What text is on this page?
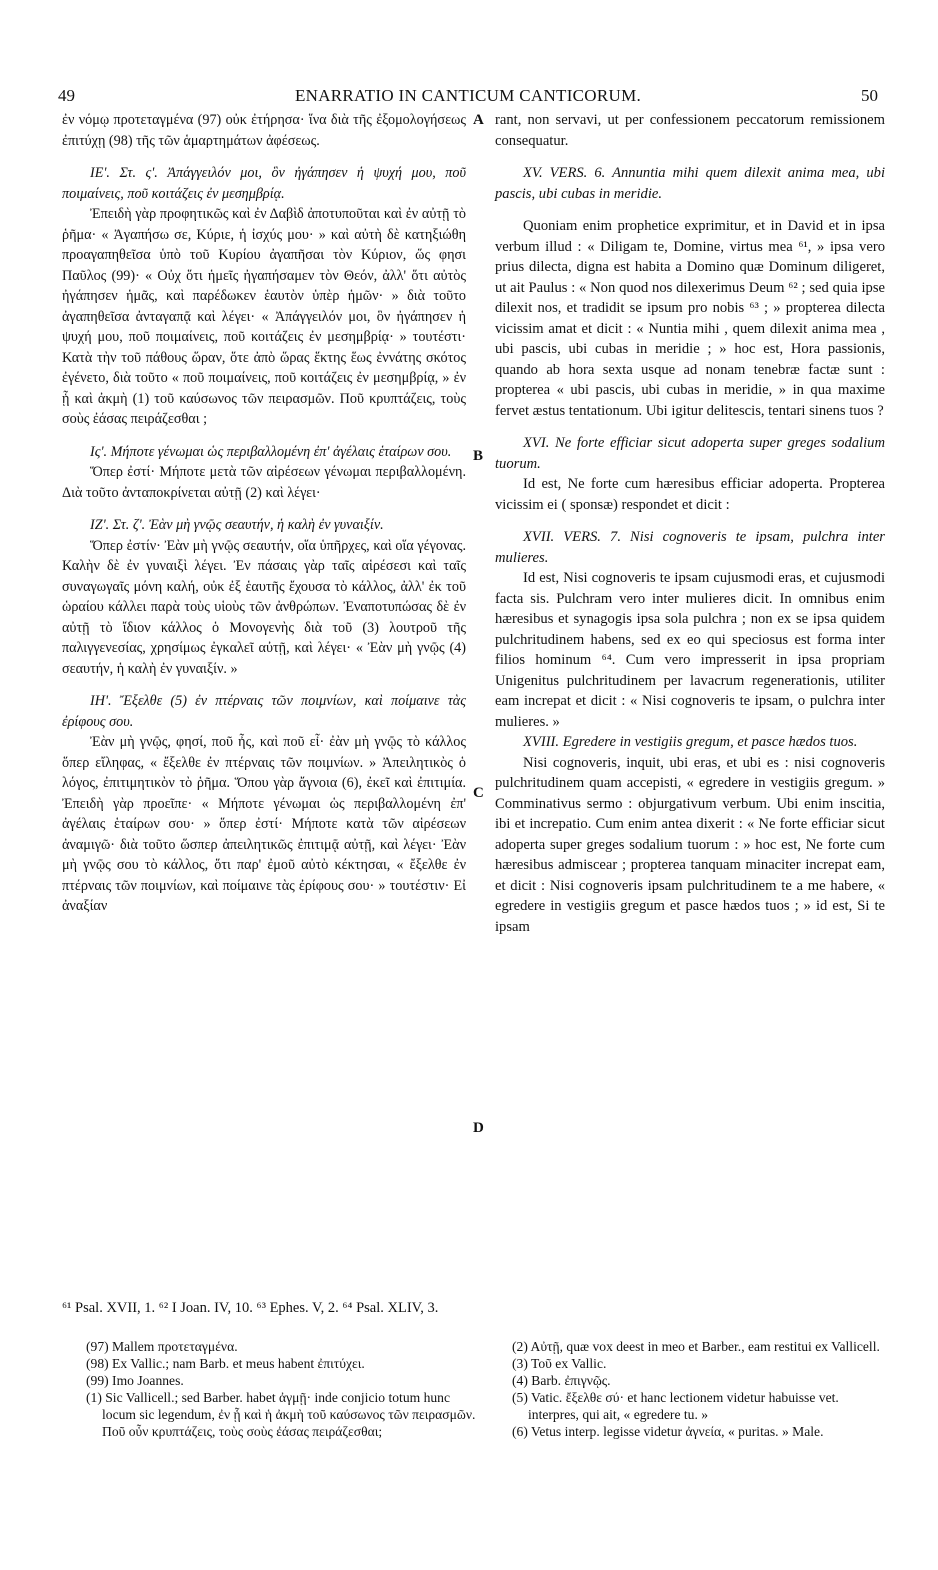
49	ENARRATIO IN CANTICUM CANTICORUM.	50

ἐν νόμῳ προτεταγμένα (97) οὐκ ἐτήρησα· ἵνα διὰ τῆς ἐξομολογήσεως ἐπιτύχῃ (98) τῆς τῶν ἁμαρτημάτων ἀφέσεως.

ΙΕ'. Στ. ς'. Ἀπάγγειλόν μοι, ὃν ἠγάπησεν ἡ ψυχή μου, ποῦ ποιμαίνεις, ποῦ κοιτάζεις ἐν μεσημβρίᾳ.

Ἐπειδὴ γὰρ προφητικῶς καὶ ἐν Δαβὶδ ἀποτυποῦται καὶ ἐν αὐτῇ τὸ ῥῆμα· « Ἀγαπήσω σε, Κύριε, ἡ ἰσχύς μου· » καὶ αὐτὴ δὲ κατηξιώθη προαγαπηθεῖσα ὑπὸ τοῦ Κυρίου ἀγαπῆσαι τὸν Κύριον, ὥς φησι Παῦλος (99)· « Οὐχ ὅτι ἡμεῖς ἠγαπήσαμεν τὸν Θεόν, ἀλλ' ὅτι αὐτὸς ἠγάπησεν ἡμᾶς, καὶ παρέδωκεν ἑαυτὸν ὑπὲρ ἡμῶν· » διὰ τοῦτο ἀγαπηθεῖσα ἀνταγαπᾷ καὶ λέγει· « Ἀπάγγειλόν μοι, ὃν ἠγάπησεν ἡ ψυχή μου, ποῦ ποιμαίνεις, ποῦ κοιτάζεις ἐν μεσημβρίᾳ· » τουτέστι· Κατὰ τὴν τοῦ πάθους ὥραν, ὅτε ἀπὸ ὥρας ἕκτης ἕως ἐννάτης σκότος ἐγένετο, διὰ τοῦτο « ποῦ ποιμαίνεις, ποῦ κοιτάζεις ἐν μεσημβρίᾳ, » ἐν ᾗ καὶ ἀκμὴ (1) τοῦ καύσωνος τῶν πειρασμῶν. Ποῦ κρυπτάζεις, τοὺς σοὺς ἐάσας πειράζεσθαι ;

Ις'. Μήποτε γένωμαι ὡς περιβαλλομένη ἐπ' ἀγέλαις ἑταίρων σου.

Ὅπερ ἐστί· Μήποτε μετὰ τῶν αἱρέσεων γένωμαι περιβαλλομένη. Διὰ τοῦτο ἀνταποκρίνεται αὐτῇ (2) καὶ λέγει·

ΙΖ'. Στ. ζ'. Ἐὰν μὴ γνῷς σεαυτήν, ἡ καλὴ ἐν γυναιξίν.

Ὅπερ ἐστίν· Ἐὰν μὴ γνῷς σεαυτήν, οἵα ὑπῆρχες, καὶ οἵα γέγονας. Καλὴν δὲ ἐν γυναιξὶ λέγει. Ἐν πάσαις γὰρ ταῖς αἱρέσεσι καὶ ταῖς συναγωγαῖς μόνη καλή, οὐκ ἐξ ἑαυτῆς ἔχουσα τὸ κάλλος, ἀλλ' ἐκ τοῦ ὡραίου κάλλει παρὰ τοὺς υἱοὺς τῶν ἀνθρώπων. Ἐναποτυπώσας δὲ ἐν αὐτῇ τὸ ἴδιον κάλλος ὁ Μονογενὴς διὰ τοῦ (3) λουτροῦ τῆς παλιγγενεσίας, χρησίμως ἐγκαλεῖ αὐτῇ, καὶ λέγει· « Ἐὰν μὴ γνῷς (4) σεαυτήν, ἡ καλὴ ἐν γυναιξίν. »

ΙΗ'. Ἔξελθε (5) ἐν πτέρναις τῶν ποιμνίων, καὶ ποίμαινε τὰς ἐρίφους σου.

Ἐὰν μὴ γνῷς, φησί, ποῦ ἦς, καὶ ποῦ εἶ· ἐὰν μὴ γνῷς τὸ κάλλος ὅπερ εἴληφας, « ἔξελθε ἐν πτέρναις τῶν ποιμνίων. » Ἀπειλητικὸς ὁ λόγος, ἐπιτιμητικὸν τὸ ῥῆμα. Ὅπου γὰρ ἄγνοια (6), ἐκεῖ καὶ ἐπιτιμία. Ἐπειδὴ γὰρ προεῖπε· « Μήποτε γένωμαι ὡς περιβαλλομένη ἐπ' ἀγέλαις ἑταίρων σου· » ὅπερ ἐστί· Μήποτε κατὰ τῶν αἱρέσεων ἀναμιγῶ· διὰ τοῦτο ὥσπερ ἀπειλητικῶς ἐπιτιμᾷ αὐτῇ, καὶ λέγει· Ἐὰν μὴ γνῷς σου τὸ κάλλος, ὅτι παρ' ἐμοῦ αὐτὸ κέκτησαι, « ἔξελθε ἐν πτέρναις τῶν ποιμνίων, καὶ ποίμαινε τὰς ἐρίφους σου· » τουτέστιν· Εἰ ἀναξίαν

A
B
C
D

rant, non servavi, ut per confessionem peccatorum remissionem consequatur.

XV. VERS. 6. Annuntia mihi quem dilexit anima mea, ubi pascis, ubi cubas in meridie.

Quoniam enim prophetice exprimitur, et in David et in ipsa verbum illud : « Diligam te, Domine, virtus mea ⁶¹, » ipsa vero prius dilecta, digna est habita a Domino quæ Dominum diligeret, ut ait Paulus : « Non quod nos dilexerimus Deum ⁶² ; sed quia ipse dilexit nos, et tradidit se ipsum pro nobis ⁶³ ; » propterea dilecta vicissim amat et dicit : « Nuntia mihi , quem dilexit anima mea , ubi pascis, ubi cubas in meridie ; » hoc est, Hora passionis, quando ab hora sexta usque ad nonam tenebræ factæ sunt : propterea « ubi pascis, ubi cubas in meridie, » in qua maxime fervet æstus tentationum. Ubi igitur delitescis, tentari sinens tuos ?

XVI. Ne forte efficiar sicut adoperta super greges sodalium tuorum.

Id est, Ne forte cum hæresibus efficiar adoperta. Propterea vicissim ei ( sponsæ) respondet et dicit :

XVII. VERS. 7. Nisi cognoveris te ipsam, pulchra inter mulieres.

Id est, Nisi cognoveris te ipsam cujusmodi eras, et cujusmodi facta sis. Pulchram vero inter mulieres dicit. In omnibus enim hæresibus et synagogis ipsa sola pulchra ; non ex se ipsa quidem pulchritudinem habens, sed ex eo qui speciosus est forma inter filios hominum ⁶⁴. Cum vero impresserit in ipsa propriam Unigenitus pulchritudinem per lavacrum regenerationis, utiliter eam increpat et dicit : « Nisi cognoveris te ipsam, o pulchra inter mulieres. »

XVIII. Egredere in vestigiis gregum, et pasce hædos tuos.

Nisi cognoveris, inquit, ubi eras, et ubi es : nisi cognoveris pulchritudinem quam accepisti, « egredere in vestigiis gregum. » Comminativus sermo : objurgativum verbum. Ubi enim inscitia, ibi et increpatio. Cum enim antea dixerit : « Ne forte efficiar sicut adoperta super greges sodalium tuorum : » hoc est, Ne forte cum hæresibus admiscear ; propterea tanquam minaciter increpat eam, et dicit : Nisi cognoveris ipsam pulchritudinem te a me habere, « egredere in vestigiis gregum et pasce hædos tuos ; » id est, Si te ipsam

⁶¹ Psal. XVII, 1. ⁶² I Joan. IV, 10. ⁶³ Ephes. V, 2. ⁶⁴ Psal. XLIV, 3.

(97) Mallem προτεταγμένα.

(98) Ex Vallic.; nam Barb. et meus habent ἐπιτύχει.

(99) Imo Joannes.

(1) Sic Vallicell.; sed Barber. habet ἀγμῇ· inde conjicio totum hunc locum sic legendum, ἐν ᾗ καὶ ἡ ἀκμὴ τοῦ καύσωνος τῶν πειρασμῶν. Ποῦ οὖν κρυπτάζεις, τοὺς σοὺς ἐάσας πειράζεσθαι;

(2) Αὐτῇ, quæ vox deest in meo et Barber., eam restitui ex Vallicell.

(3) Τοῦ ex Vallic.

(4) Barb. ἐπιγνῷς.

(5) Vatic. ἔξελθε σύ· et hanc lectionem videtur habuisse vet. interpres, qui ait, « egredere tu. »

(6) Vetus interp. legisse videtur ἀγνεία, « puritas. » Male.
